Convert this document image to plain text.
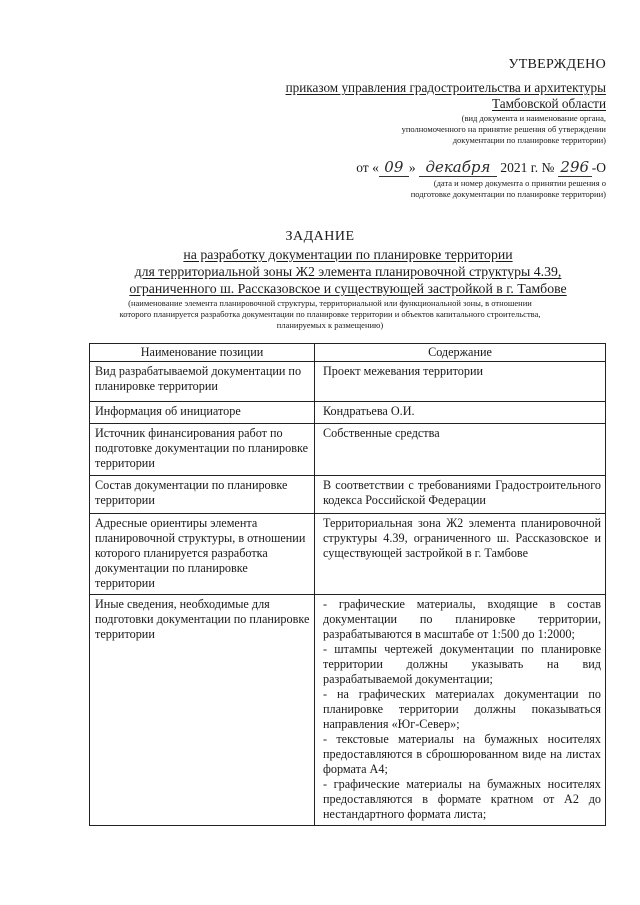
УТВЕРЖДЕНО
приказом управления градостроительства и архитектуры
Тамбовской области
(вид документа и наименование органа,
уполномоченного на принятие решения об утверждении
документации по планировке территории)
от « 09 » декабря 2021 г. № 296 -О
(дата и номер документа о принятии решения о
подготовке документации по планировке территории)
ЗАДАНИЕ
на разработку документации по планировке территории
для территориальной зоны Ж2 элемента планировочной структуры 4.39,
ограниченного ш. Рассказовское и существующей застройкой в г. Тамбове
(наименование элемента планировочной структуры, территориальной или функциональной зоны, в отношении
которого планируется разработка документации по планировке территории и объектов капитального строительства,
планируемых к размещению)
Наименование позиции	Содержание
Вид разрабатываемой документации по планировке территории	Проект межевания территории
Информация об инициаторе	Кондратьева О.И.
Источник финансирования работ по подготовке документации по планировке территории	Собственные средства
Состав документации по планировке территории	В соответствии с требованиями Градостроительного кодекса Российской Федерации
Адресные ориентиры элемента планировочной структуры, в отношении которого планируется разработка документации по планировке территории	Территориальная зона Ж2 элемента планировочной структуры 4.39, ограниченного ш. Рассказовское и существующей застройкой в г. Тамбове
Иные сведения, необходимые для подготовки документации по планировке территории	- графические материалы, входящие в состав документации по планировке территории, разрабатываются в масштабе от 1:500 до 1:2000;
- штампы чертежей документации по планировке территории должны указывать на вид разрабатываемой документации;
- на графических материалах документации по планировке территории должны показываться направления «Юг-Север»;
- текстовые материалы на бумажных носителях предоставляются в сброшюрованном виде на листах формата А4;
- графические материалы на бумажных носителях предоставляются в формате кратном от А2 до нестандартного формата листа;
